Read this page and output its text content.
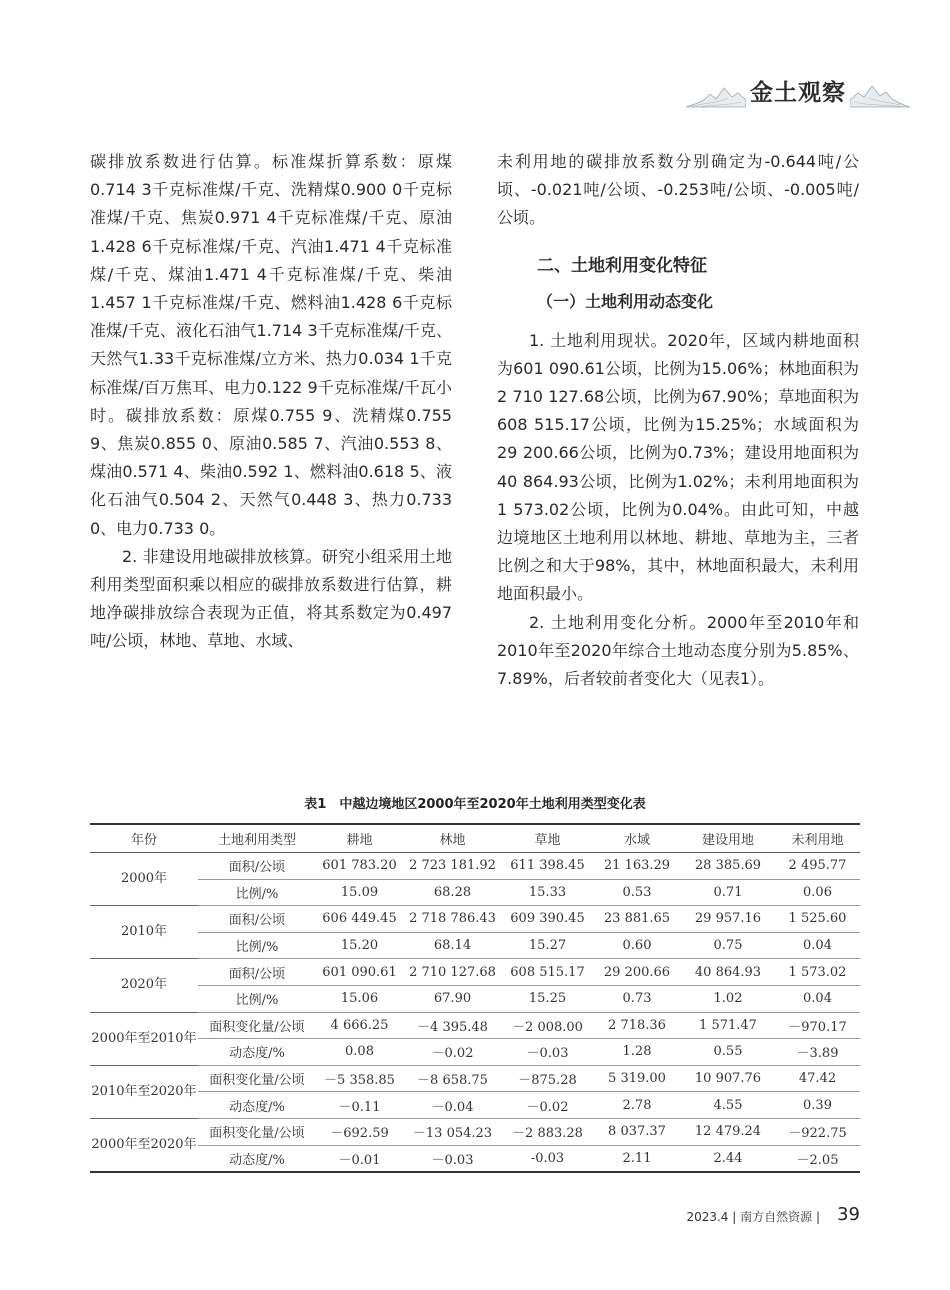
金土观察

碳排放系数进行估算。标准煤折算系数：原煤0.714 3千克标准煤/千克、洗精煤0.900 0千克标准煤/千克、焦炭0.971 4千克标准煤/千克、原油1.428 6千克标准煤/千克、汽油1.471 4千克标准煤/千克、煤油1.471 4千克标准煤/千克、柴油1.457 1千克标准煤/千克、燃料油1.428 6千克标准煤/千克、液化石油气1.714 3千克标准煤/千克、天然气1.33千克标准煤/立方米、热力0.034 1千克标准煤/百万焦耳、电力0.122 9千克标准煤/千瓦小时。碳排放系数：原煤0.755 9、洗精煤0.755 9、焦炭0.855 0、原油0.585 7、汽油0.553 8、煤油0.571 4、柴油0.592 1、燃料油0.618 5、液化石油气0.504 2、天然气0.448 3、热力0.733 0、电力0.733 0。

2. 非建设用地碳排放核算。研究小组采用土地利用类型面积乘以相应的碳排放系数进行估算，耕地净碳排放综合表现为正值，将其系数定为0.497吨/公顷，林地、草地、水域、

未利用地的碳排放系数分别确定为-0.644吨/公顷、-0.021吨/公顷、-0.253吨/公顷、-0.005吨/公顷。

二、土地利用变化特征
（一）土地利用动态变化

1. 土地利用现状。2020年，区域内耕地面积为601 090.61公顷，比例为15.06%；林地面积为2 710 127.68公顷，比例为67.90%；草地面积为608 515.17公顷，比例为15.25%；水域面积为29 200.66公顷，比例为0.73%；建设用地面积为40 864.93公顷，比例为1.02%；未利用地面积为1 573.02公顷，比例为0.04%。由此可知，中越边境地区土地利用以林地、耕地、草地为主，三者比例之和大于98%，其中，林地面积最大，未利用地面积最小。

2. 土地利用变化分析。2000年至2010年和2010年至2020年综合土地动态度分别为5.85%、7.89%，后者较前者变化大（见表1）。

表1　中越边境地区2000年至2020年土地利用类型变化表
年份	土地利用类型	耕地	林地	草地	水域	建设用地	未利用地
2000年	面积/公顷	601 783.20	2 723 181.92	611 398.45	21 163.29	28 385.69	2 495.77
	比例/%	15.09	68.28	15.33	0.53	0.71	0.06
2010年	面积/公顷	606 449.45	2 718 786.43	609 390.45	23 881.65	29 957.16	1 525.60
	比例/%	15.20	68.14	15.27	0.60	0.75	0.04
2020年	面积/公顷	601 090.61	2 710 127.68	608 515.17	29 200.66	40 864.93	1 573.02
	比例/%	15.06	67.90	15.25	0.73	1.02	0.04
2000年至2010年	面积变化量/公顷	4 666.25	－4 395.48	－2 008.00	2 718.36	1 571.47	－970.17
	动态度/%	0.08	－0.02	－0.03	1.28	0.55	－3.89
2010年至2020年	面积变化量/公顷	－5 358.85	－8 658.75	－875.28	5 319.00	10 907.76	47.42
	动态度/%	－0.11	－0.04	－0.02	2.78	4.55	0.39
2000年至2020年	面积变化量/公顷	－692.59	－13 054.23	－2 883.28	8 037.37	12 479.24	－922.75
	动态度/%	－0.01	－0.03	-0.03	2.11	2.44	－2.05
2023.4 | 南方自然资源 | 39
